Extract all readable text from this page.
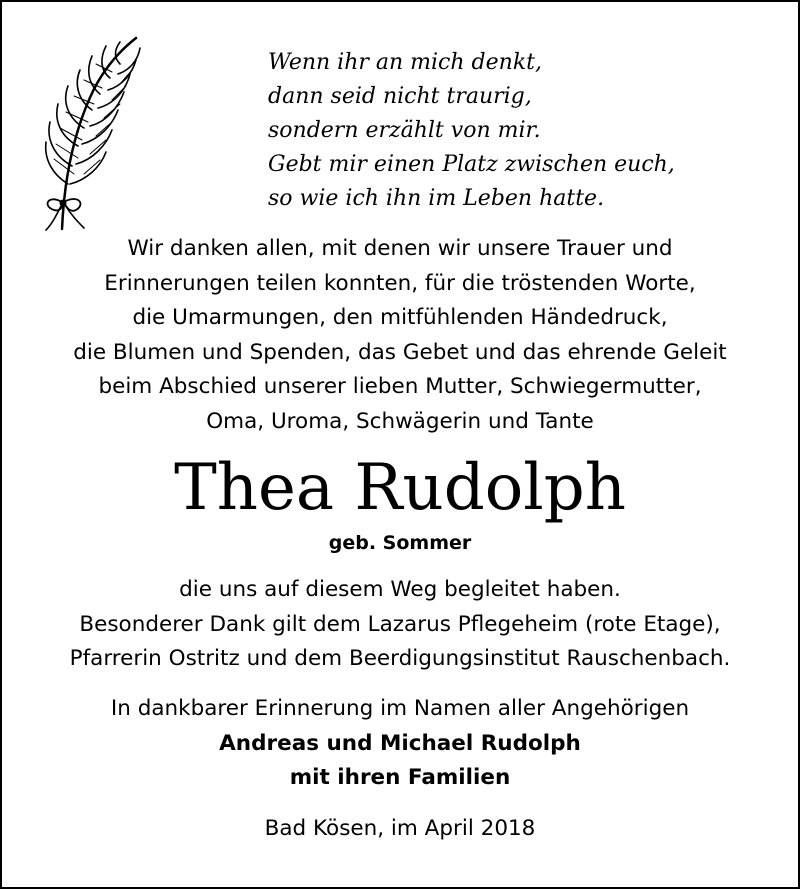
Wenn ihr an mich denkt,
dann seid nicht traurig,
sondern erzählt von mir.
Gebt mir einen Platz zwischen euch,
so wie ich ihn im Leben hatte.
Wir danken allen, mit denen wir unsere Trauer und
Erinnerungen teilen konnten, für die tröstenden Worte,
die Umarmungen, den mitfühlenden Händedruck,
die Blumen und Spenden, das Gebet und das ehrende Geleit
beim Abschied unserer lieben Mutter, Schwiegermutter,
Oma, Uroma, Schwägerin und Tante
Thea Rudolph
geb. Sommer
die uns auf diesem Weg begleitet haben.
Besonderer Dank gilt dem Lazarus Pflegeheim (rote Etage),
Pfarrerin Ostritz und dem Beerdigungsinstitut Rauschenbach.
In dankbarer Erinnerung im Namen aller Angehörigen
Andreas und Michael Rudolph
mit ihren Familien
Bad Kösen, im April 2018
